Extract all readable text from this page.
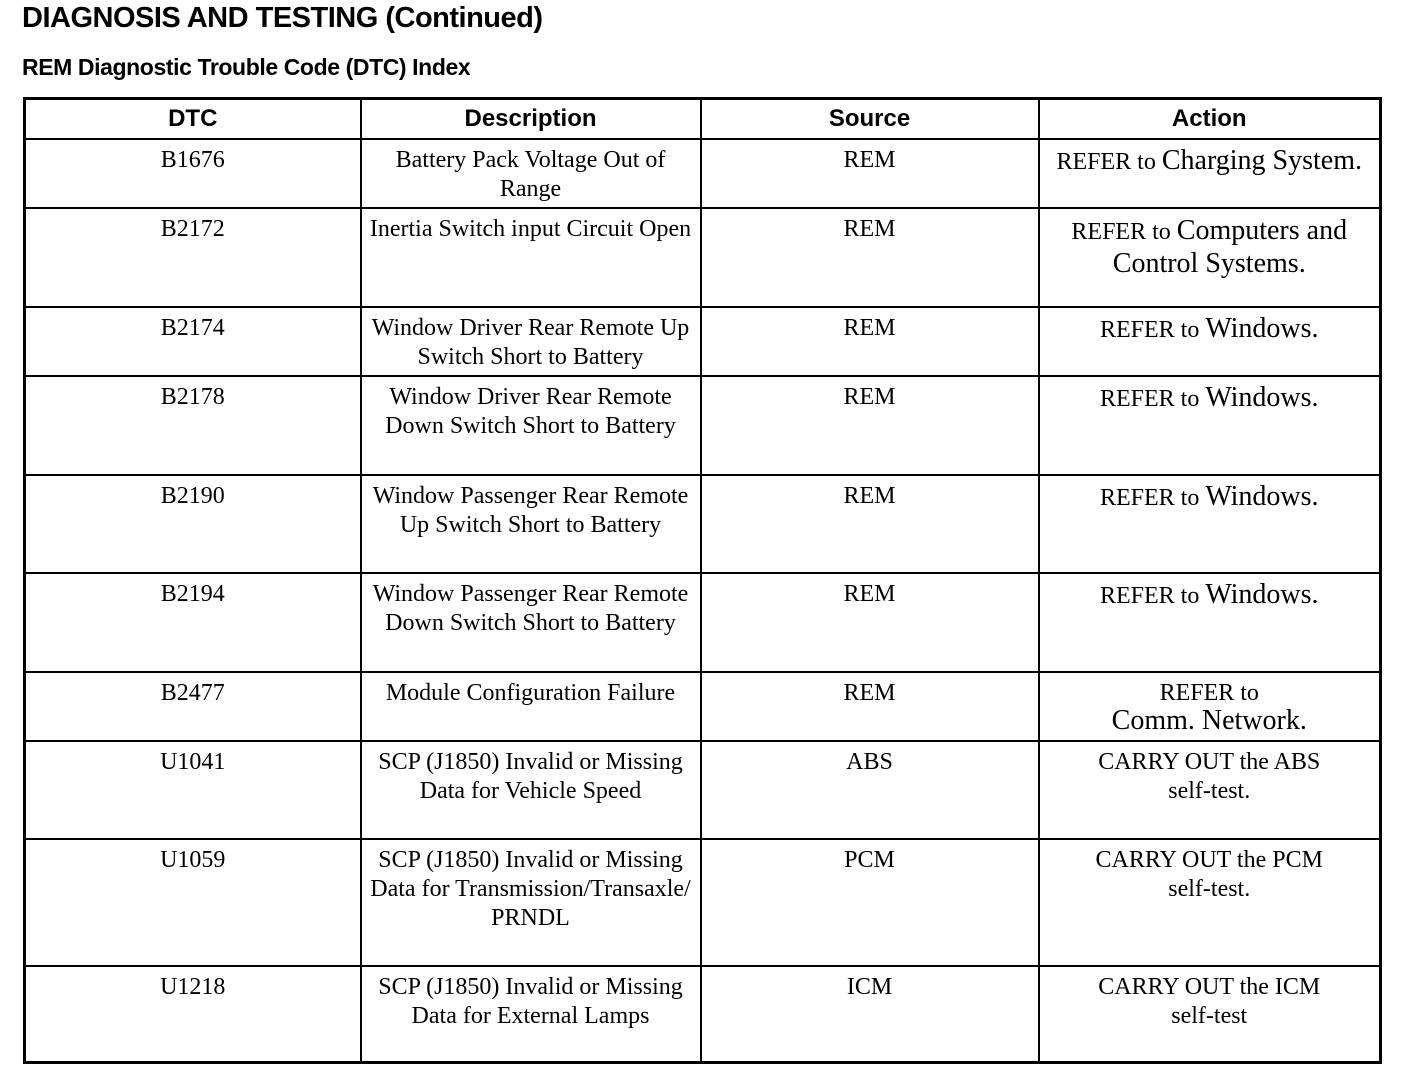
DIAGNOSIS AND TESTING (Continued)
REM Diagnostic Trouble Code (DTC) Index
DTC	Description	Source	Action
B1676	Battery Pack Voltage Out of Range	REM	REFER to Charging System.
B2172	Inertia Switch input Circuit Open	REM	REFER to Computers and Control Systems.
B2174	Window Driver Rear Remote Up Switch Short to Battery	REM	REFER to Windows.
B2178	Window Driver Rear Remote Down Switch Short to Battery	REM	REFER to Windows.
B2190	Window Passenger Rear Remote Up Switch Short to Battery	REM	REFER to Windows.
B2194	Window Passenger Rear Remote Down Switch Short to Battery	REM	REFER to Windows.
B2477	Module Configuration Failure	REM	REFER to
Comm. Network.
U1041	SCP (J1850) Invalid or Missing Data for Vehicle Speed	ABS	CARRY OUT the ABS self-test.
U1059	SCP (J1850) Invalid or Missing Data for Transmission/Transaxle/ PRNDL	PCM	CARRY OUT the PCM self-test.
U1218	SCP (J1850) Invalid or Missing Data for External Lamps	ICM	CARRY OUT the ICM self-test
